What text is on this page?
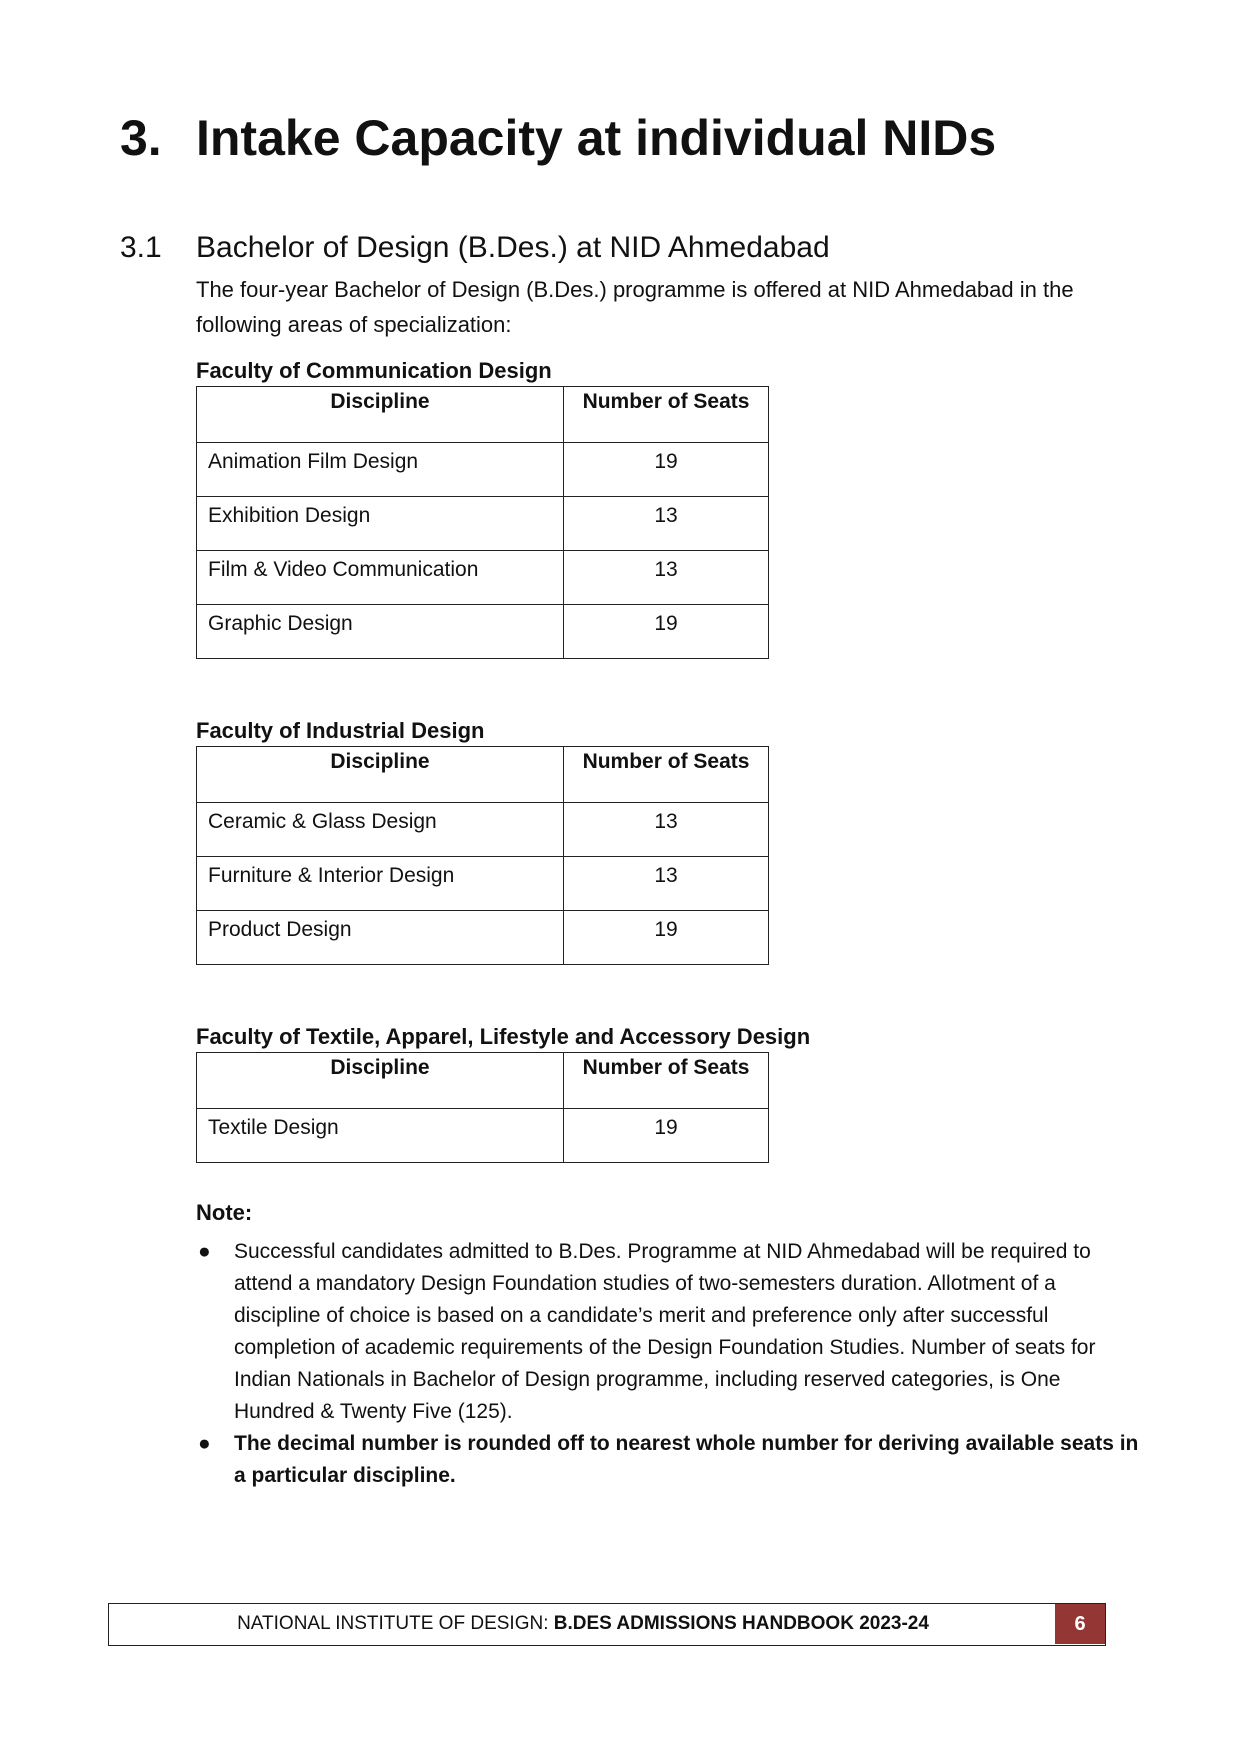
3. Intake Capacity at individual NIDs
3.1 Bachelor of Design (B.Des.) at NID Ahmedabad

The four-year Bachelor of Design (B.Des.) programme is offered at NID Ahmedabad in the following areas of specialization:

Faculty of Communication Design
Discipline	Number of Seats
Animation Film Design	19
Exhibition Design	13
Film & Video Communication	13
Graphic Design	19
Faculty of Industrial Design
Discipline	Number of Seats
Ceramic & Glass Design	13
Furniture & Interior Design	13
Product Design	19
Faculty of Textile, Apparel, Lifestyle and Accessory Design
Discipline	Number of Seats
Textile Design	19
Note:
●	Successful candidates admitted to B.Des. Programme at NID Ahmedabad will be required to attend a mandatory Design Foundation studies of two-semesters duration. Allotment of a discipline of choice is based on a candidate’s merit and preference only after successful completion of academic requirements of the Design Foundation Studies. Number of seats for Indian Nationals in Bachelor of Design programme, including reserved categories, is One Hundred & Twenty Five (125).
●	The decimal number is rounded off to nearest whole number for deriving available seats in a particular discipline.
NATIONAL INSTITUTE OF DESIGN: B.DES ADMISSIONS HANDBOOK 2023-24	6
